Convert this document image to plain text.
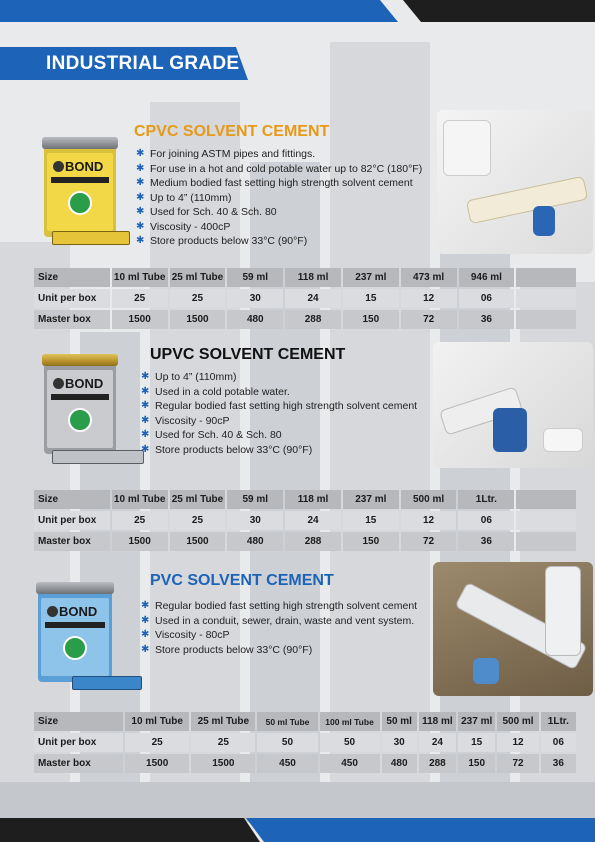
INDUSTRIAL GRADE
BOND
CPVC SOLVENT CEMENT
✱ For joining ASTM pipes and fittings.
✱ For use in a hot and cold potable water up to 82°C (180°F)
✱ Medium bodied fast setting high strength solvent cement
✱ Up to 4” (110mm)
✱ Used for Sch. 40 & Sch. 80
✱ Viscosity - 400cP
✱ Store products below 33°C (90°F)
Size	10 ml Tube	25 ml Tube	59 ml	118 ml	237 ml	473 ml	946 ml	
Unit per box	25	25	30	24	15	12	06	
Master box	1500	1500	480	288	150	72	36	
BOND
UPVC SOLVENT CEMENT
✱ Up to 4” (110mm)
✱ Used in a cold potable water.
✱ Regular bodied fast setting high strength solvent cement
✱ Viscosity - 90cP
✱ Used for Sch. 40 & Sch. 80
✱ Store products below 33°C (90°F)
Size	10 ml Tube	25 ml Tube	59 ml	118 ml	237 ml	500 ml	1Ltr.	
Unit per box	25	25	30	24	15	12	06	
Master box	1500	1500	480	288	150	72	36	
BOND
PVC SOLVENT CEMENT
✱ Regular bodied fast setting high strength solvent cement
✱ Used in a conduit, sewer, drain, waste and vent system.
✱ Viscosity - 80cP
✱ Store products below 33°C (90°F)
Size	10 ml Tube	25 ml Tube	50 ml Tube	100 ml Tube	50 ml	118 ml	237 ml	500 ml	1Ltr.
Unit per box	25	25	50	50	30	24	15	12	06
Master box	1500	1500	450	450	480	288	150	72	36
